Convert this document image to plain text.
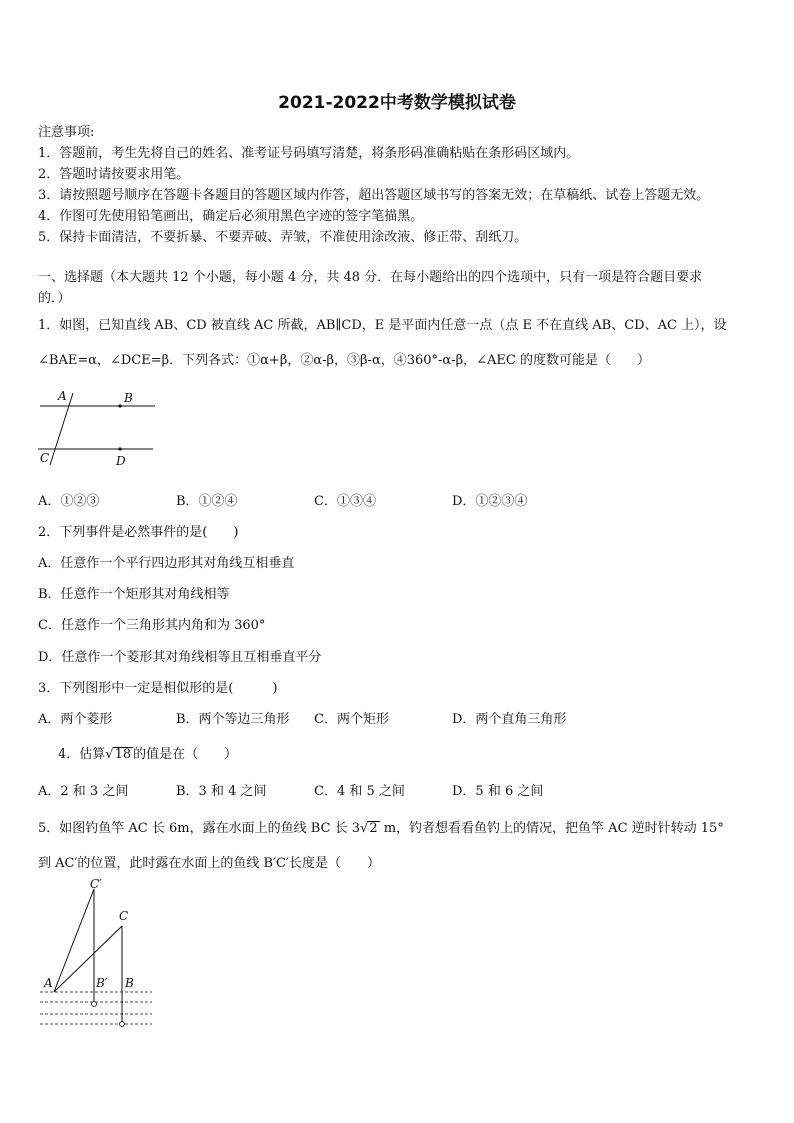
2021-2022中考数学模拟试卷
注意事项:
1．答题前，考生先将自己的姓名、准考证号码填写清楚，将条形码准确粘贴在条形码区域内。
2．答题时请按要求用笔。
3．请按照题号顺序在答题卡各题目的答题区域内作答，超出答题区域书写的答案无效；在草稿纸、试卷上答题无效。
4．作图可先使用铅笔画出，确定后必须用黑色字迹的签字笔描黑。
5．保持卡面清洁，不要折暴、不要弄破、弄皱，不准使用涂改液、修正带、刮纸刀。
一、选择题（本大题共 12 个小题，每小题 4 分，共 48 分．在每小题给出的四个选项中，只有一项是符合题目要求
的．）
1．如图，已知直线 AB、CD 被直线 AC 所截，AB∥CD，E 是平面内任意一点（点 E 不在直线 AB、CD、AC 上），设
∠BAE=α，∠DCE=β．下列各式：①α+β，②α-β，③β-α，④360°-α-β，∠AEC 的度数可能是（　　）
A	B
C	D
A．①②③	B．①②④	C．①③④	D．①②③④
2．下列事件是必然事件的是(　　)
A．任意作一个平行四边形其对角线互相垂直
B．任意作一个矩形其对角线相等
C．任意作一个三角形其内角和为 360°
D．任意作一个菱形其对角线相等且互相垂直平分
3．下列图形中一定是相似形的是(　　　)
A．两个菱形	B．两个等边三角形 C．两个矩形	D．两个直角三角形
4．估算√18 的值是在（　　）
A．2 和 3 之间	B．3 和 4 之间	C．4 和 5 之间	D．5 和 6 之间
5．如图钓鱼竿 AC 长 6m，露在水面上的鱼线 BC 长 3√2 m，钓者想看看鱼钓上的情况，把鱼竿 AC 逆时针转动 15°
到 AC′的位置，此时露在水面上的鱼线 B′C′长度是（　　）
C′
C
A	B′ B
